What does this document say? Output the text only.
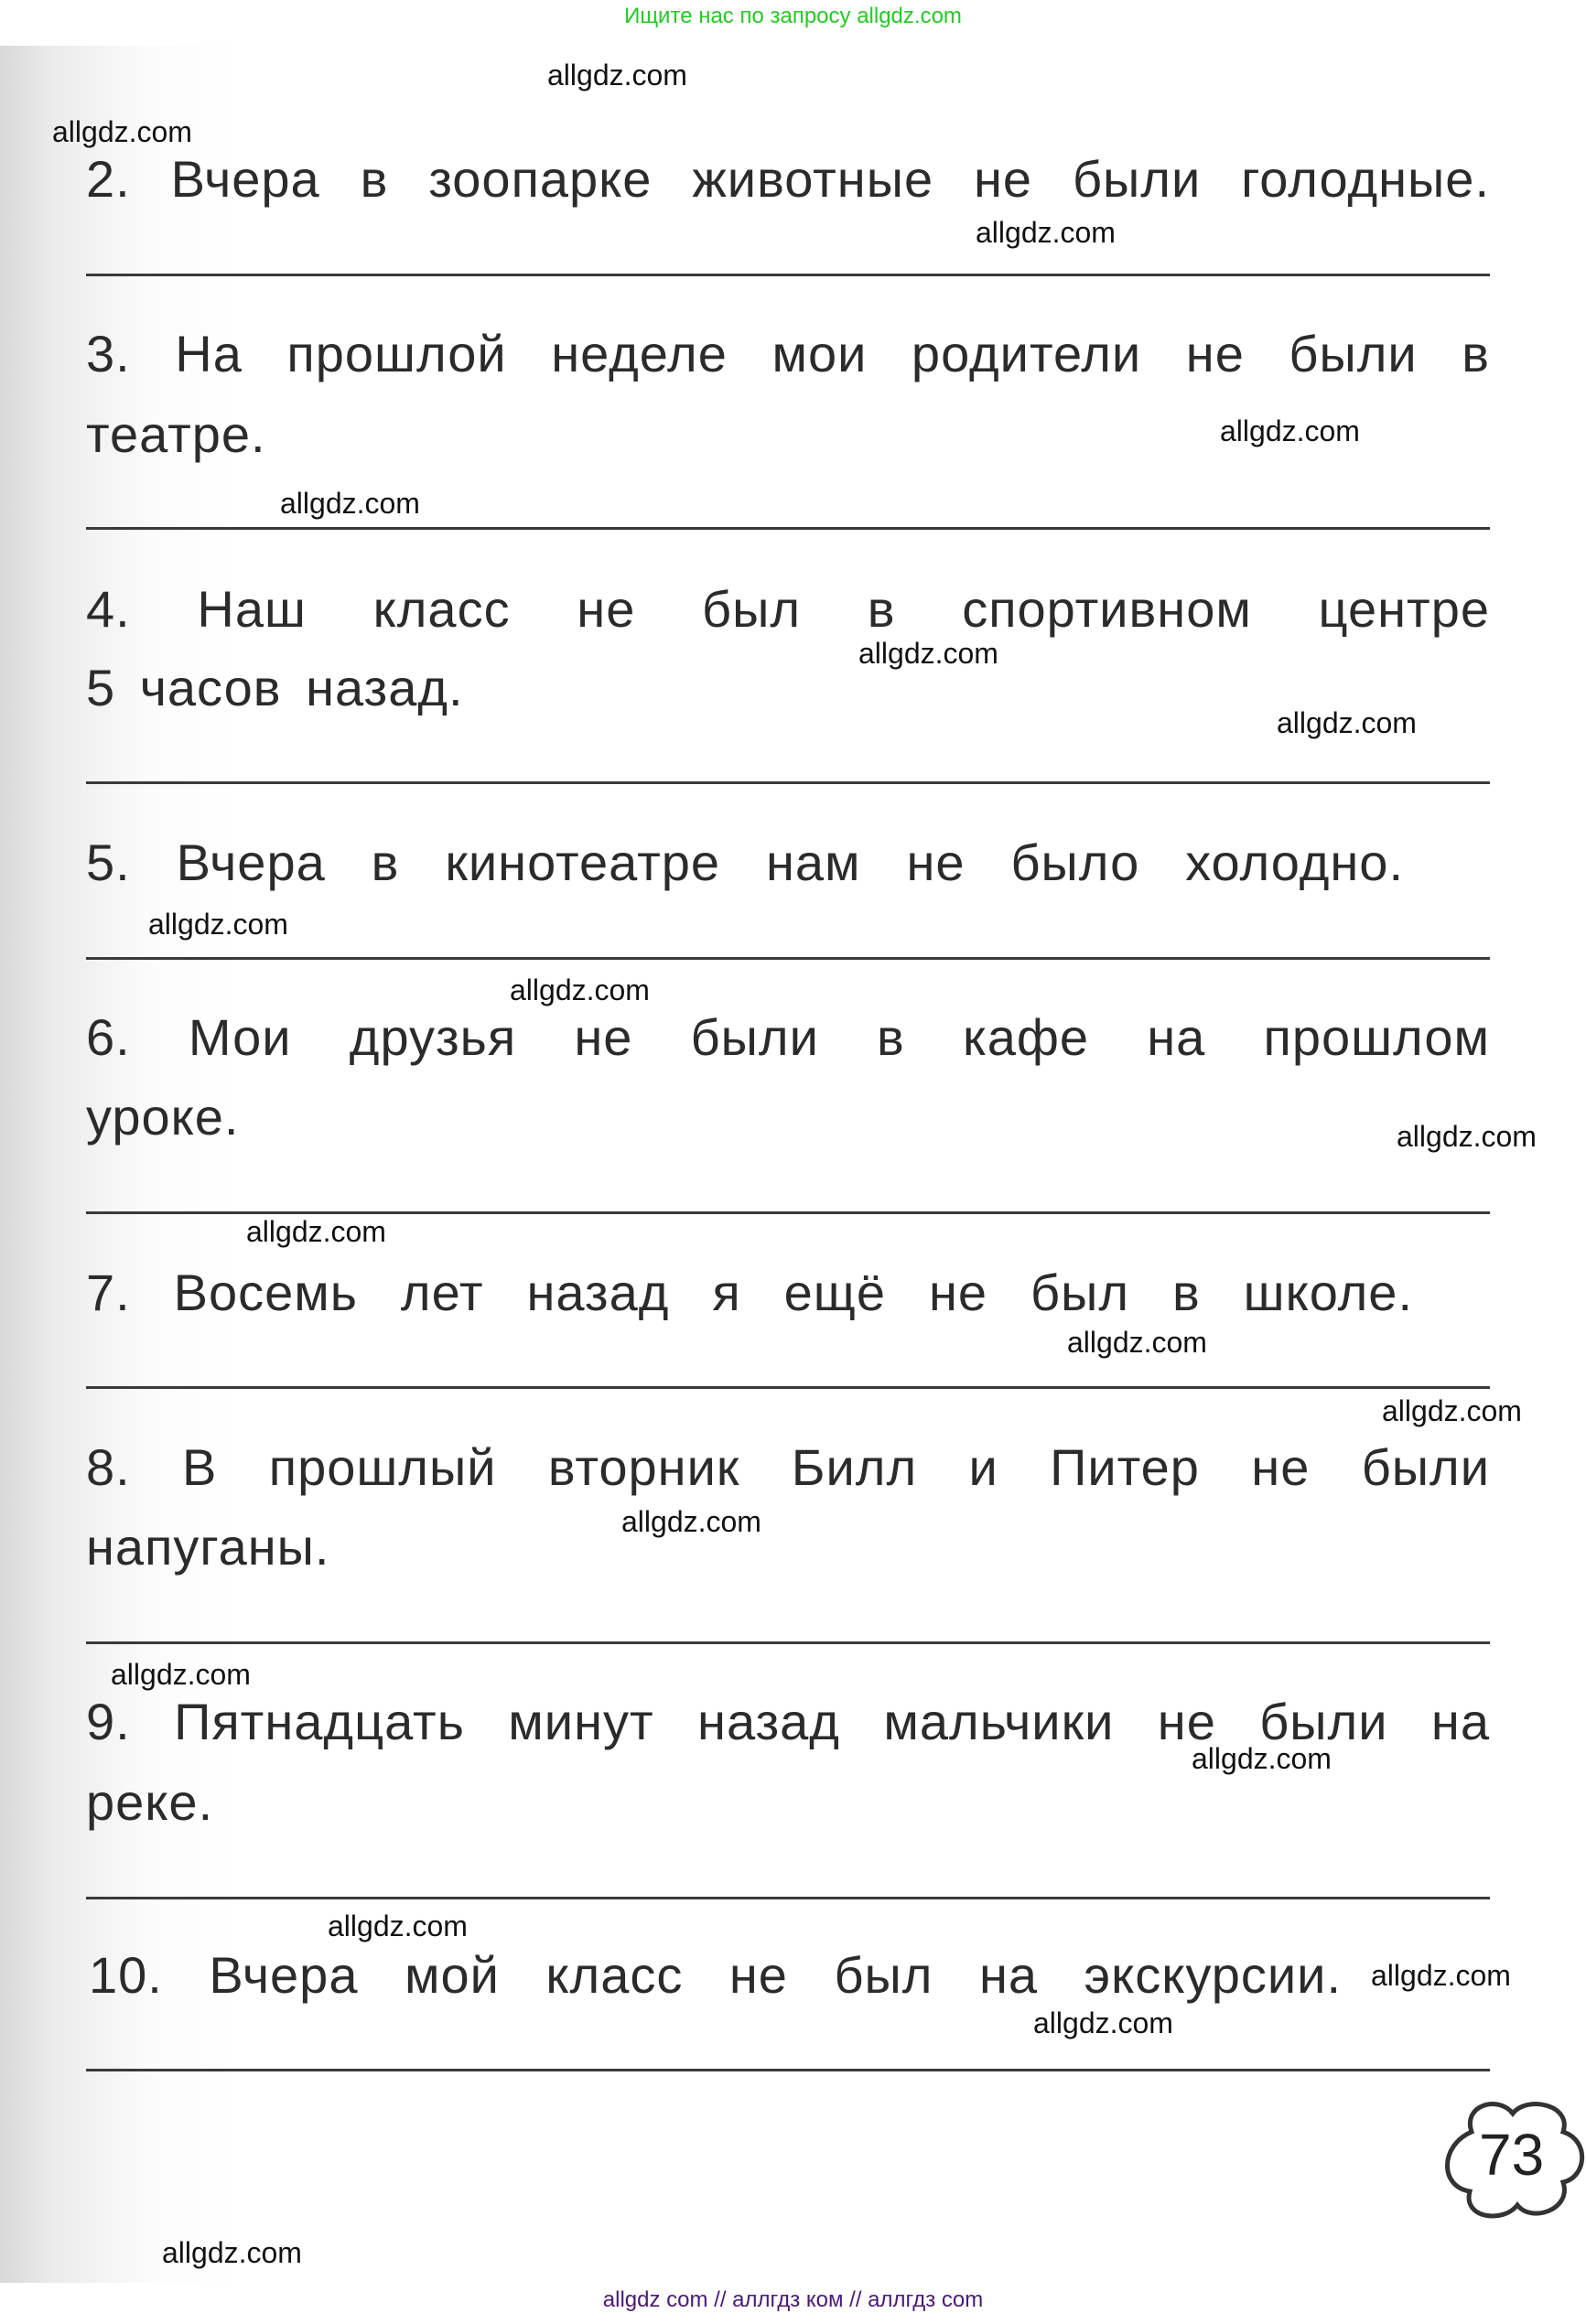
Ищите нас по запросу allgdz.com
2. Вчера в зоопарке животные не были голодные.
3. На прошлой неделе мои родители не были в
театре.
4. Наш класс не был в спортивном центре
5 часов назад.
5. Вчера в кинотеатре нам не было холодно.
6. Мои друзья не были в кафе на прошлом
уроке.
7. Восемь лет назад я ещё не был в школе.
8. В прошлый вторник Билл и Питер не были
напуганы.
9. Пятнадцать минут назад мальчики не были на
реке.
10. Вчера мой класс не был на экскурсии.
73
allgdz.com
allgdz.com
allgdz.com
allgdz.com
allgdz.com
allgdz.com
allgdz.com
allgdz.com
allgdz.com
allgdz.com
allgdz.com
allgdz.com
allgdz.com
allgdz.com
allgdz.com
allgdz.com
allgdz.com
allgdz.com
allgdz.com
allgdz.com
allgdz com // аллгдз ком // аллгдз com
